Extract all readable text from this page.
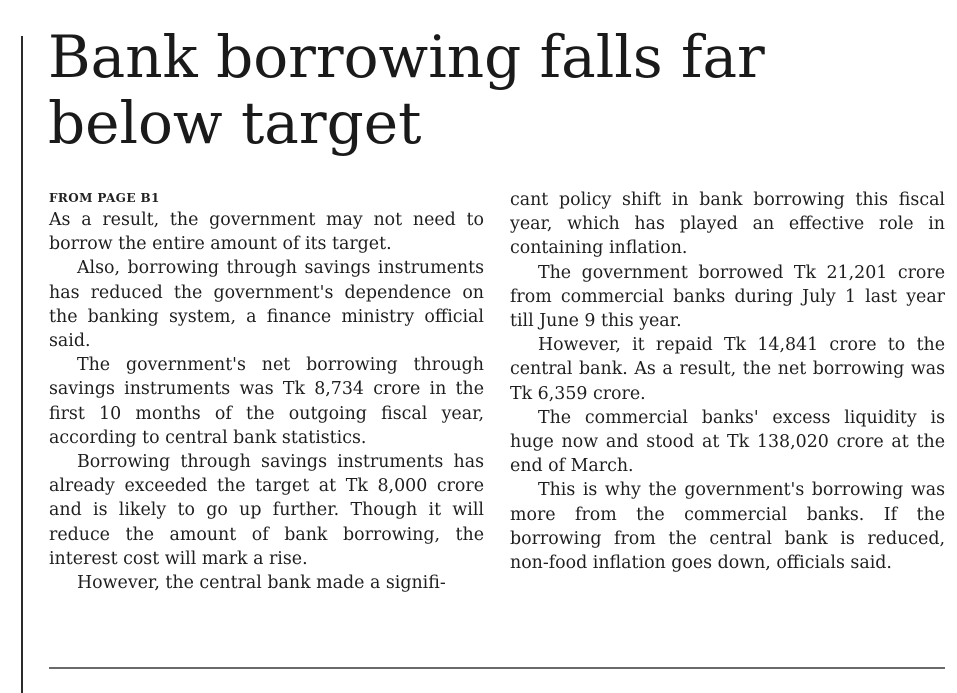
Bank borrowing falls far below target
FROM PAGE B1

As a result, the government may not need to borrow the entire amount of its target.

Also, borrowing through savings instruments has reduced the government's dependence on the banking system, a finance ministry official said.

The government's net borrowing through savings instruments was Tk 8,734 crore in the first 10 months of the outgoing fiscal year, according to central bank statistics.

Borrowing through savings instruments has already exceeded the target at Tk 8,000 crore and is likely to go up further. Though it will reduce the amount of bank borrowing, the interest cost will mark a rise.

However, the central bank made a signifi-

cant policy shift in bank borrowing this fiscal year, which has played an effective role in containing inflation.

The government borrowed Tk 21,201 crore from commercial banks during July 1 last year till June 9 this year.

However, it repaid Tk 14,841 crore to the central bank. As a result, the net borrowing was Tk 6,359 crore.

The commercial banks' excess liquidity is huge now and stood at Tk 138,020 crore at the end of March.

This is why the government's borrowing was more from the commercial banks. If the borrowing from the central bank is reduced, non-food inflation goes down, officials said.
